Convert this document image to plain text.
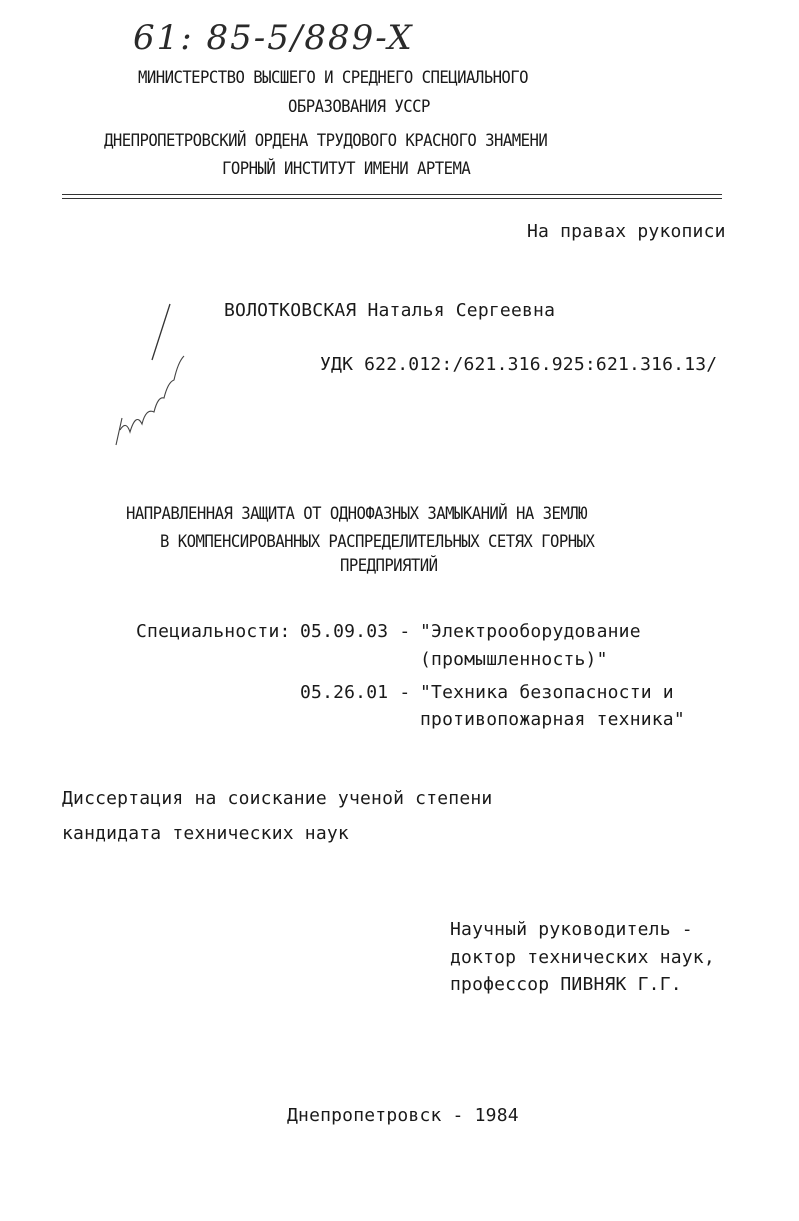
61: 85-5/889-X
МИНИСТЕРСТВО ВЫСШЕГО И СРЕДНЕГО СПЕЦИАЛЬНОГО
ОБРАЗОВАНИЯ УССР
ДНЕПРОПЕТРОВСКИЙ ОРДЕНА ТРУДОВОГО КРАСНОГО ЗНАМЕНИ
ГОРНЫЙ ИНСТИТУТ ИМЕНИ АРТЕМА
На правах рукописи
ВОЛОТКОВСКАЯ Наталья Сергеевна
УДК 622.012:/621.316.925:621.316.13/
НАПРАВЛЕННАЯ ЗАЩИТА ОТ ОДНОФАЗНЫХ ЗАМЫКАНИЙ НА ЗЕМЛЮ
В КОМПЕНСИРОВАННЫХ РАСПРЕДЕЛИТЕЛЬНЫХ СЕТЯХ ГОРНЫХ
ПРЕДПРИЯТИЙ
Специальности: 05.09.03 - "Электрооборудование
(промышленность)"
05.26.01 - "Техника безопасности и
противопожарная техника"
Диссертация на соискание ученой степени
кандидата технических наук
Научный руководитель -
доктор технических наук,
профессор ПИВНЯК Г.Г.
Днепропетровск - 1984
